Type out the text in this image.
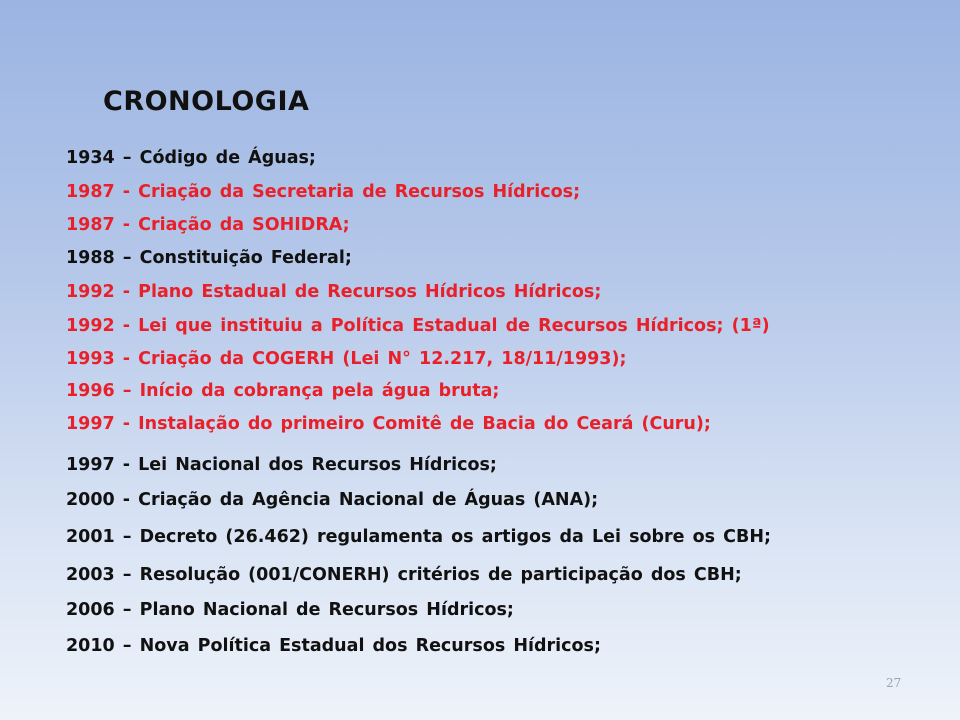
CRONOLOGIA
1934 – Código de Águas;
1987 - Criação da Secretaria de Recursos Hídricos;
1987 - Criação da SOHIDRA;
1988 – Constituição Federal;
1992 - Plano Estadual de Recursos Hídricos Hídricos;
1992 - Lei que instituiu a Política Estadual de Recursos Hídricos; (1ª)
1993 - Criação da COGERH (Lei N° 12.217, 18/11/1993);
1996 – Início da cobrança pela água bruta;
1997 - Instalação do primeiro Comitê de Bacia do Ceará (Curu);
1997 - Lei Nacional dos Recursos Hídricos;
2000 - Criação da Agência Nacional de Águas (ANA);
2001 – Decreto (26.462) regulamenta os artigos da Lei sobre os CBH;
2003 – Resolução (001/CONERH) critérios de participação dos CBH;
2006 – Plano Nacional de Recursos Hídricos;
2010 – Nova Política Estadual dos Recursos Hídricos;
27
